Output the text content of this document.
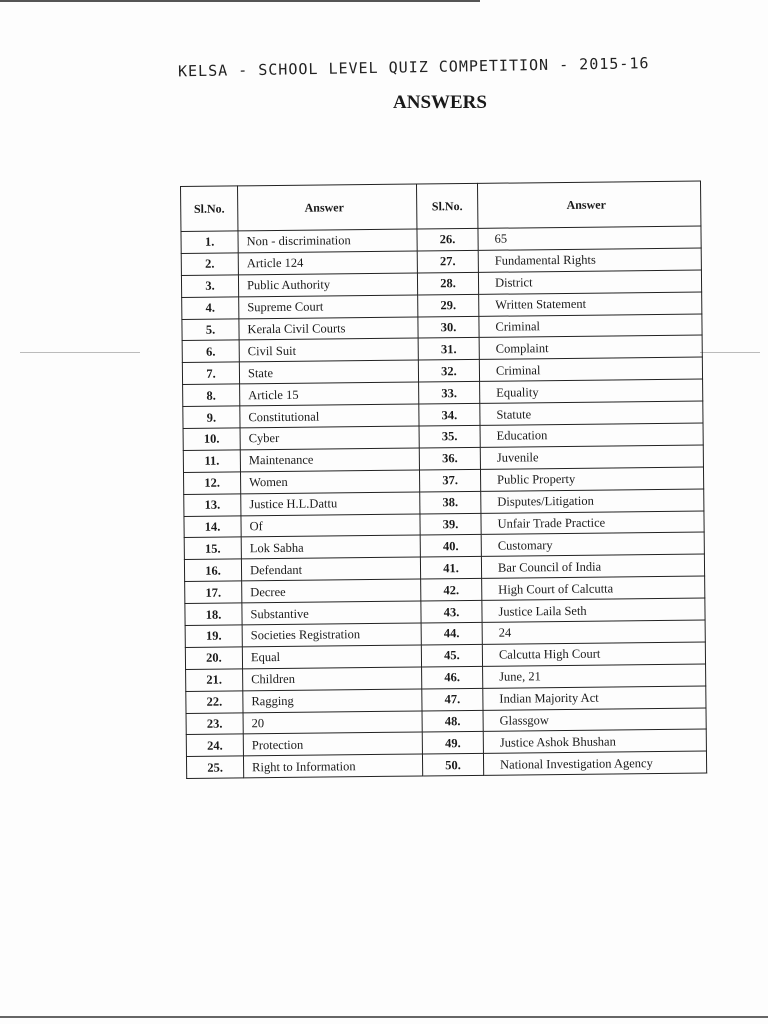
KELSA - SCHOOL LEVEL QUIZ COMPETITION - 2015-16
ANSWERS
Sl.No.	Answer	Sl.No.	Answer
1.	Non - discrimination	26.	65
2.	Article 124	27.	Fundamental Rights
3.	Public Authority	28.	District
4.	Supreme Court	29.	Written Statement
5.	Kerala Civil Courts	30.	Criminal
6.	Civil Suit	31.	Complaint
7.	State	32.	Criminal
8.	Article 15	33.	Equality
9.	Constitutional	34.	Statute
10.	Cyber	35.	Education
11.	Maintenance	36.	Juvenile
12.	Women	37.	Public Property
13.	Justice H.L.Dattu	38.	Disputes/Litigation
14.	Of	39.	Unfair Trade Practice
15.	Lok Sabha	40.	Customary
16.	Defendant	41.	Bar Council of India
17.	Decree	42.	High Court of Calcutta
18.	Substantive	43.	Justice Laila Seth
19.	Societies Registration	44.	24
20.	Equal	45.	Calcutta High Court
21.	Children	46.	June, 21
22.	Ragging	47.	Indian Majority Act
23.	20	48.	Glassgow
24.	Protection	49.	Justice Ashok Bhushan
25.	Right to Information	50.	National Investigation Agency
